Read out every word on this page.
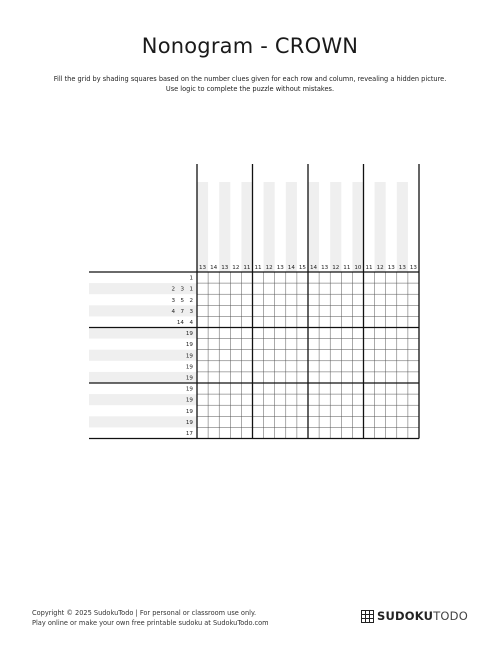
Nonogram - CROWN
Fill the grid by shading squares based on the number clues given for each row and column, revealing a hidden picture. Use logic to complete the puzzle without mistakes.
13 14 13 12 11 11 12 13 14 15 14 13 12 11 10 11 12 13 13 13
1
2 3 1
3 5 2
4 7 3
14 4
19
19
19
19
19
19
19
19
19
17
Copyright © 2025 SudokuTodo | For personal or classroom use only.
Play online or make your own free printable sudoku at SudokuTodo.com	SUDOKUTODO
